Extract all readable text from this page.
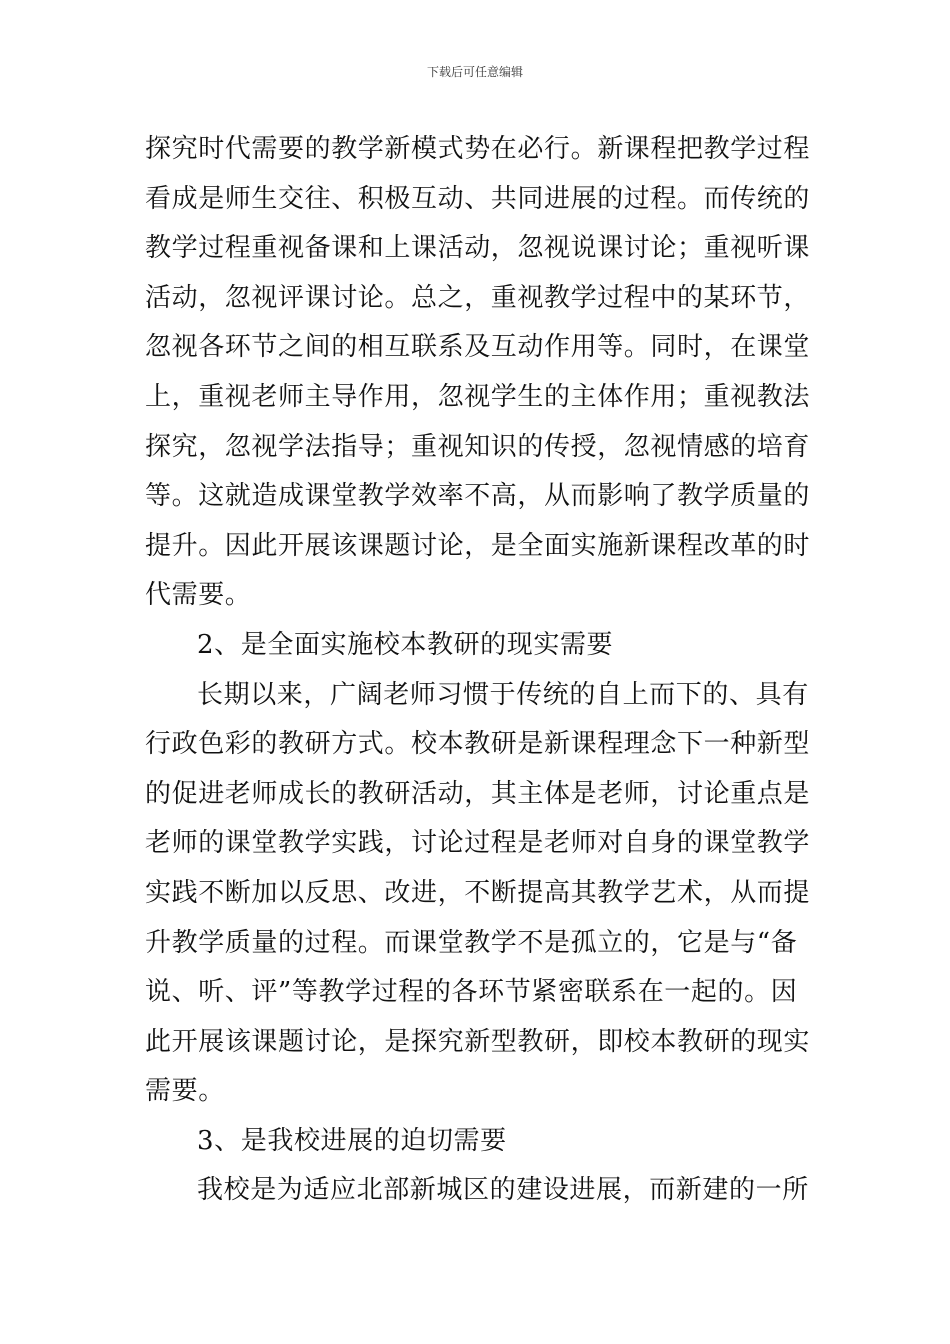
下载后可任意编辑
探究时代需要的教学新模式势在必行。新课程把教学过程
看成是师生交往、积极互动、共同进展的过程。而传统的
教学过程重视备课和上课活动，忽视说课讨论；重视听课
活动，忽视评课讨论。总之，重视教学过程中的某环节，
忽视各环节之间的相互联系及互动作用等。同时，在课堂
上，重视老师主导作用，忽视学生的主体作用；重视教法
探究，忽视学法指导；重视知识的传授，忽视情感的培育
等。这就造成课堂教学效率不高，从而影响了教学质量的
提升。因此开展该课题讨论，是全面实施新课程改革的时
代需要。
2、是全面实施校本教研的现实需要
长期以来，广阔老师习惯于传统的自上而下的、具有
行政色彩的教研方式。校本教研是新课程理念下一种新型
的促进老师成长的教研活动，其主体是老师，讨论重点是
老师的课堂教学实践，讨论过程是老师对自身的课堂教学
实践不断加以反思、改进，不断提高其教学艺术，从而提
升教学质量的过程。而课堂教学不是孤立的，它是与“备
说、听、评”等教学过程的各环节紧密联系在一起的。因
此开展该课题讨论，是探究新型教研，即校本教研的现实
需要。
3、是我校进展的迫切需要
我校是为适应北部新城区的建设进展，而新建的一所
